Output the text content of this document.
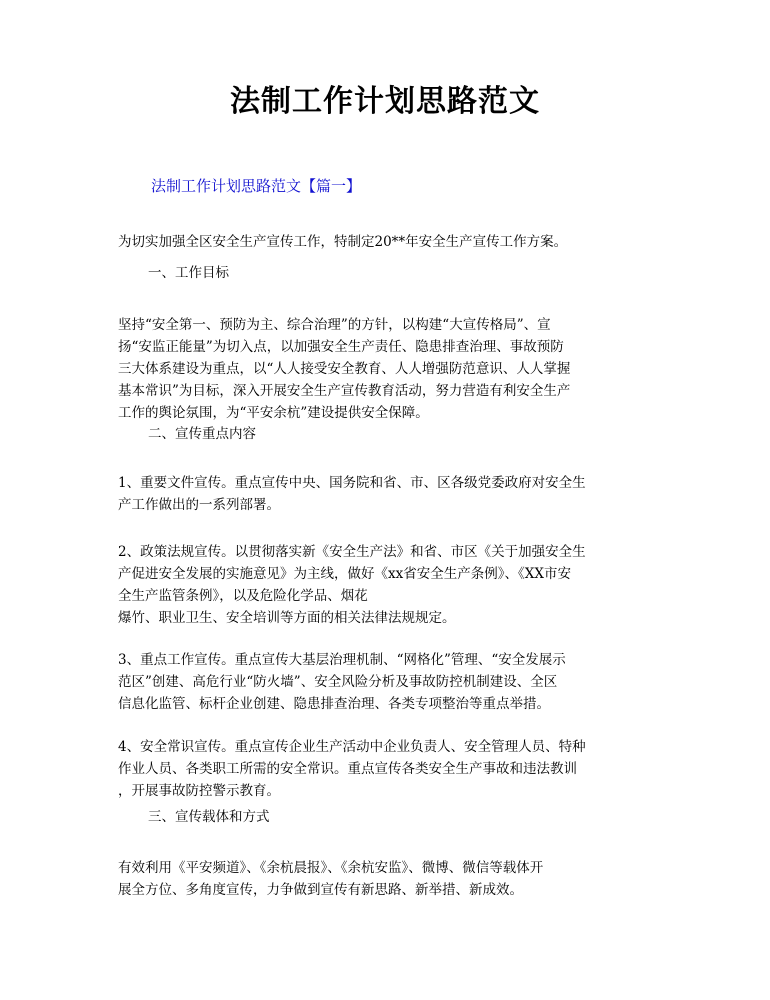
法制工作计划思路范文

法制工作计划思路范文【篇一】

为切实加强全区安全生产宣传工作，特制定20**年安全生产宣传工作方案。

一、工作目标

坚持“安全第一、预防为主、综合治理”的方针，以构建“大宣传格局”、宣
扬“安监正能量”为切入点，以加强安全生产责任、隐患排查治理、事故预防
三大体系建设为重点，以“人人接受安全教育、人人增强防范意识、人人掌握
基本常识”为目标，深入开展安全生产宣传教育活动，努力营造有利安全生产
工作的舆论氛围，为“平安余杭”建设提供安全保障。

二、宣传重点内容

1、重要文件宣传。重点宣传中央、国务院和省、市、区各级党委政府对安全生
产工作做出的一系列部署。

2、政策法规宣传。以贯彻落实新《安全生产法》和省、市区《关于加强安全生
产促进安全发展的实施意见》为主线，做好《xx省安全生产条例》、《XX市安
全生产监管条例》，以及危险化学品、烟花
爆竹、职业卫生、安全培训等方面的相关法律法规规定。

3、重点工作宣传。重点宣传大基层治理机制、“网格化”管理、“安全发展示
范区”创建、高危行业“防火墙”、安全风险分析及事故防控机制建设、全区
信息化监管、标杆企业创建、隐患排查治理、各类专项整治等重点举措。

4、安全常识宣传。重点宣传企业生产活动中企业负责人、安全管理人员、特种
作业人员、各类职工所需的安全常识。重点宣传各类安全生产事故和违法教训
，开展事故防控警示教育。

三、宣传载体和方式

有效利用《平安频道》、《余杭晨报》、《余杭安监》、微博、微信等载体开
展全方位、多角度宣传，力争做到宣传有新思路、新举措、新成效。
